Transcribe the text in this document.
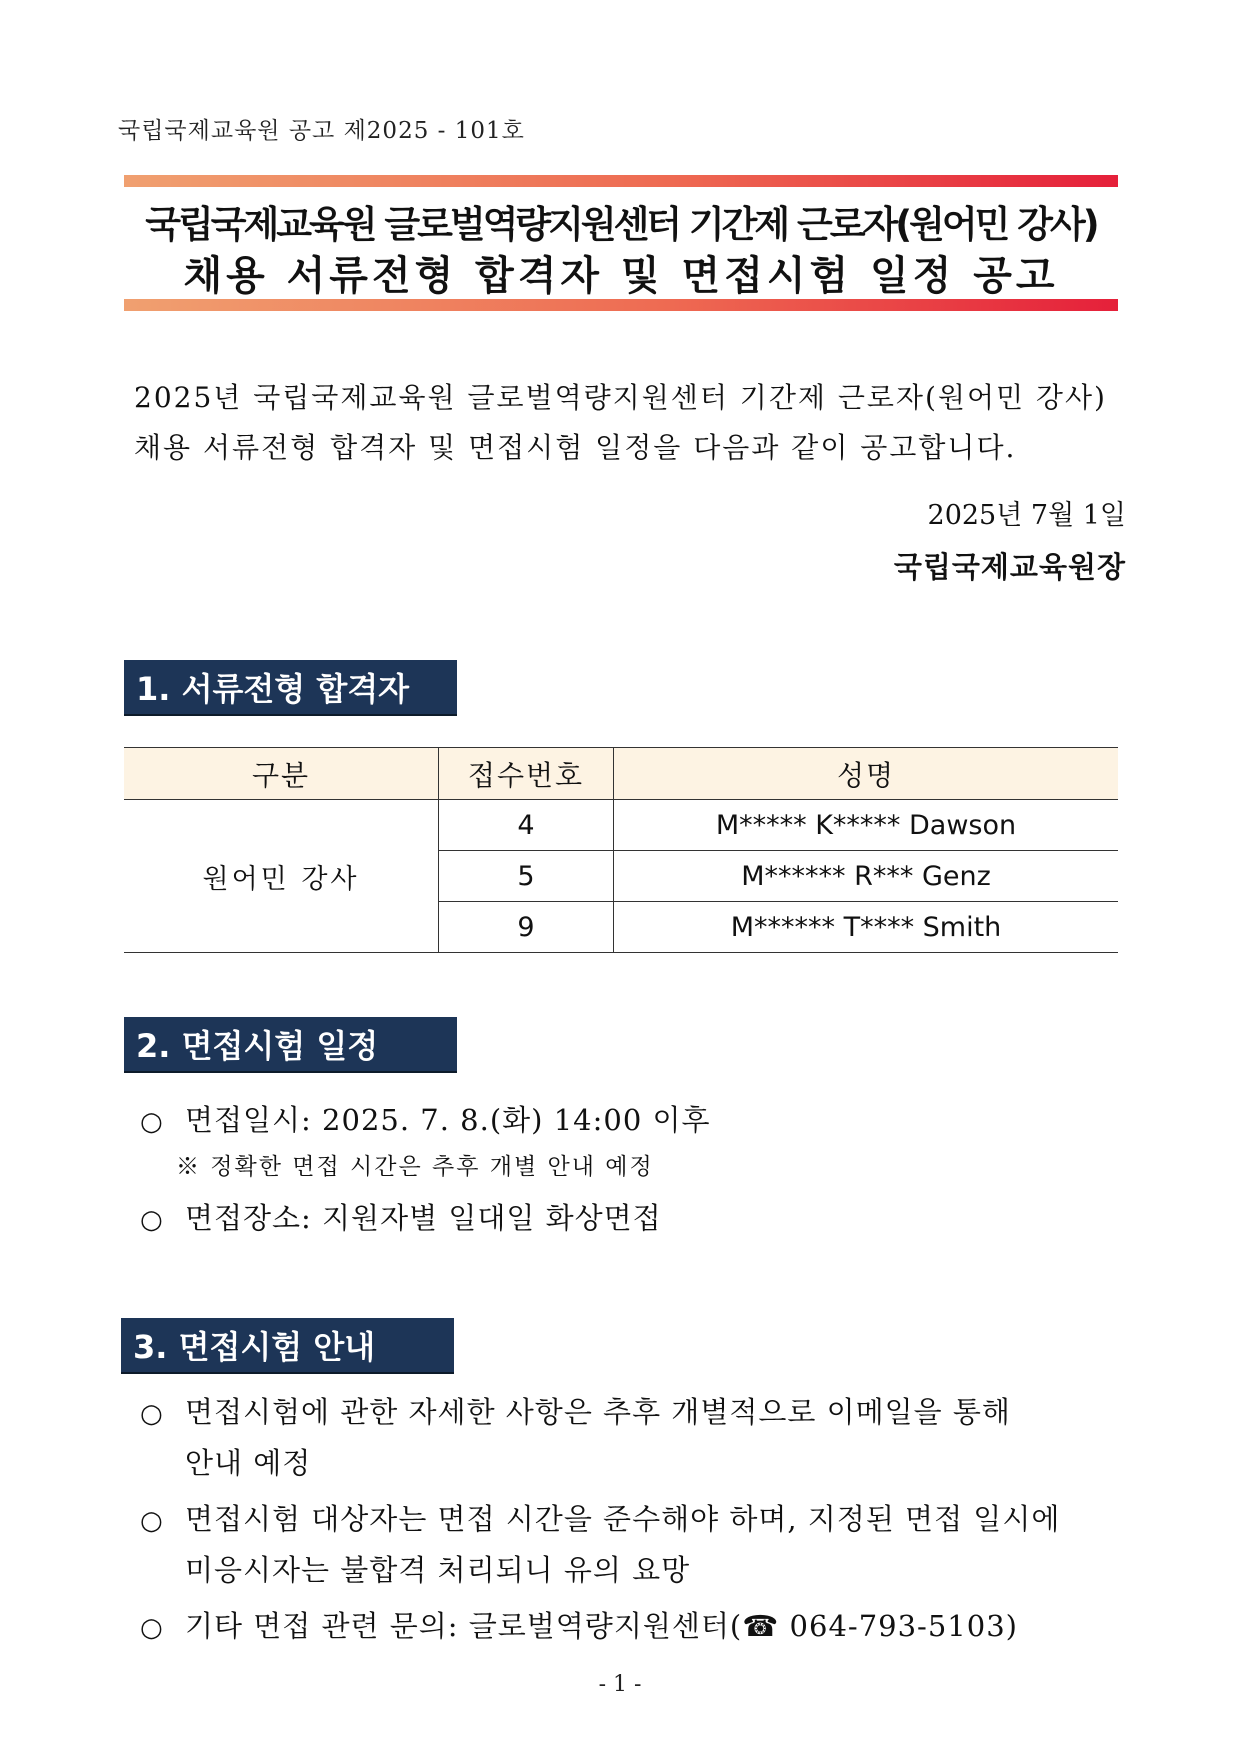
국립국제교육원 공고 제2025 - 101호
국립국제교육원 글로벌역량지원센터 기간제 근로자(원어민 강사)
채용 서류전형 합격자 및 면접시험 일정 공고
2025년 국립국제교육원 글로벌역량지원센터 기간제 근로자(원어민 강사)
채용 서류전형 합격자 및 면접시험 일정을 다음과 같이 공고합니다.
2025년 7월 1일
국립국제교육원장
1. 서류전형 합격자
구분	접수번호	성명
원어민 강사	4	M***** K***** Dawson
	5	M****** R*** Genz
	9	M****** T**** Smith
2. 면접시험 일정
○ 면접일시: 2025. 7. 8.(화) 14:00 이후
※ 정확한 면접 시간은 추후 개별 안내 예정
○ 면접장소: 지원자별 일대일 화상면접
3. 면접시험 안내
○ 면접시험에 관한 자세한 사항은 추후 개별적으로 이메일을 통해
안내 예정
○ 면접시험 대상자는 면접 시간을 준수해야 하며, 지정된 면접 일시에
미응시자는 불합격 처리되니 유의 요망
○ 기타 면접 관련 문의: 글로벌역량지원센터(☎ 064-793-5103)
- 1 -
